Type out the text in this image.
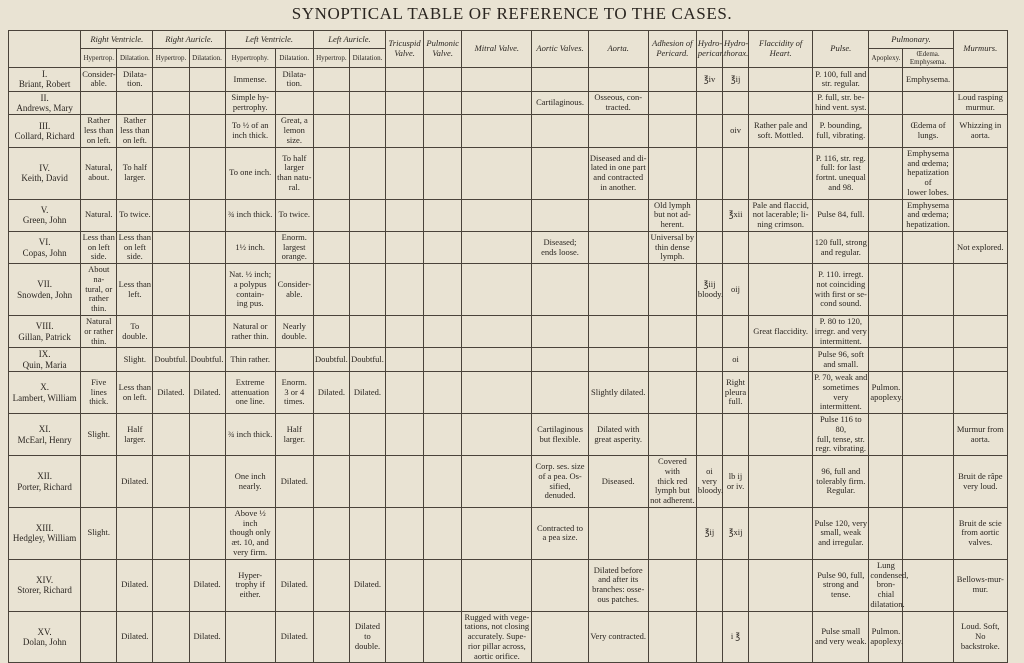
SYNOPTICAL TABLE OF REFERENCE TO THE CASES.
	Right Ventricle.		Right Auricle.		Left Ventricle.		Left Auricle.		Tricuspid Valve.	Pulmonic Valve.	Mitral Valve.	Aortic Valves.	Aorta.	Adhesion of Pericard.	Hydro-pericar.	Hydro-thorax.	Flaccidity of Heart.	Pulse.	Pulmonary.		Murmurs.
	Hypertrop.	Dilatation.	Hypertrop.	Dilatation.	Hypertrophy.	Dilatation.	Hypertrop.	Dilatation.											Apoplexy.	Œdema. Emphysema.	

I.
Briant, Robert	Consider-
able.	Dilata-
tion.			Immense.	Dilata-
tion.									℥iv	℥ij		P. 100, full and
str. regular.		Emphysema.	

II.
Andrews, Mary					Simple hy-
pertrophy.							Cartilaginous.	Osseous, con-
tracted.					P. full, str. be-
hind vent. syst.			Loud rasping
murmur.

III.
Collard, Richard	Rather
less than
on left.	Rather
less than
on left.			To ½ of an
inch thick.	Great, a
lemon
size.										oiv	Rather pale and
soft. Mottled.	P. bounding,
full, vibrating.		Œdema of
lungs.	Whizzing in
aorta.

IV.
Keith, David	Natural,
about.	To half
larger.			To one inch.	To half
larger
than natu-
ral.							Diseased and di-
lated in one part
and contracted
in another.					P. 116, str. reg.
full: for last
fortnt. unequal
and 98.		Emphysema
and œdema;
hepatization of
lower lobes.	

V.
Green, John	Natural.	To twice.			¾ inch thick.	To twice.								Old lymph
but not ad-
herent.		℥xii	Pale and flaccid,
not lacerable; li-
ning crimson.	Pulse 84, full.		Emphysema
and œdema;
hepatization.	

VI.
Copas, John	Less than
on left
side.	Less than
on left
side.			1½ inch.	Enorm.
largest
orange.						Diseased;
ends loose.		Universal by
thin dense
lymph.				120 full, strong
and regular.			Not explored.

VII.
Snowden, John	About na-
tural, or
rather
thin.	Less than
left.			Nat. ½ inch;
a polypus
contain-
ing pus.	Consider-
able.									℥iij
bloody.	oij		P. 110. irregt.
not coinciding
with first or se-
cond sound.			

VIII.
Gillan, Patrick	Natural
or rather
thin.	To
double.			Natural or
rather thin.	Nearly
double.											Great flaccidity.	P. 80 to 120,
irregr. and very
intermittent.			

IX.
Quin, Maria		Slight.	Doubtful.	Doubtful.	Thin rather.		Doubtful.	Doubtful.								oi		Pulse 96, soft
and small.			

X.
Lambert, William	Five lines
thick.	Less than
on left.	Dilated.	Dilated.	Extreme
attenuation
one line.	Enorm.
3 or 4
times.	Dilated.	Dilated.					Slightly dilated.			Right
pleura
full.		P. 70, weak and
sometimes very
intermittent.	Pulmon.
apoplexy.		

XI.
McEarl, Henry	Slight.	Half
larger.			¾ inch thick.	Half
larger.						Cartilaginous
but flexible.	Dilated with
great asperity.					Pulse 116 to 80,
full, tense, str.
regr. vibrating.			Murmur from
aorta.

XII.
Porter, Richard		Dilated.			One inch
nearly.	Dilated.						Corp. ses. size
of a pea. Os-
sified, denuded.	Diseased.	Covered with
thick red
lymph but
not adherent.	oi
very
bloody.	lb ij
or iv.		96, full and
tolerably firm.
Regular.			Bruit de râpe
very loud.

XIII.
Hedgley, William	Slight.				Above ½ inch
though only
æt. 10, and
very firm.							Contracted to
a pea size.			℥ij	℥xij		Pulse 120, very
small, weak
and irregular.			Bruit de scie
from aortic
valves.

XIV.
Storer, Richard		Dilated.		Dilated.	Hyper-
trophy if
either.	Dilated.		Dilated.					Dilated before
and after its
branches: osse-
ous patches.					Pulse 90, full,
strong and
tense.	Lung condensed, bron-
chial dilatation.		Bellows-mur-
mur.

XV.
Dolan, John		Dilated.		Dilated.		Dilated.		Dilated to
double.			Rugged with vege-
tations, not closing
accurately. Supe-
rior pillar across,
aortic orifice.		Very contracted.			i ℥		Pulse small
and very weak.	Pulmon.
apoplexy.		Loud. Soft,
No backstroke.
